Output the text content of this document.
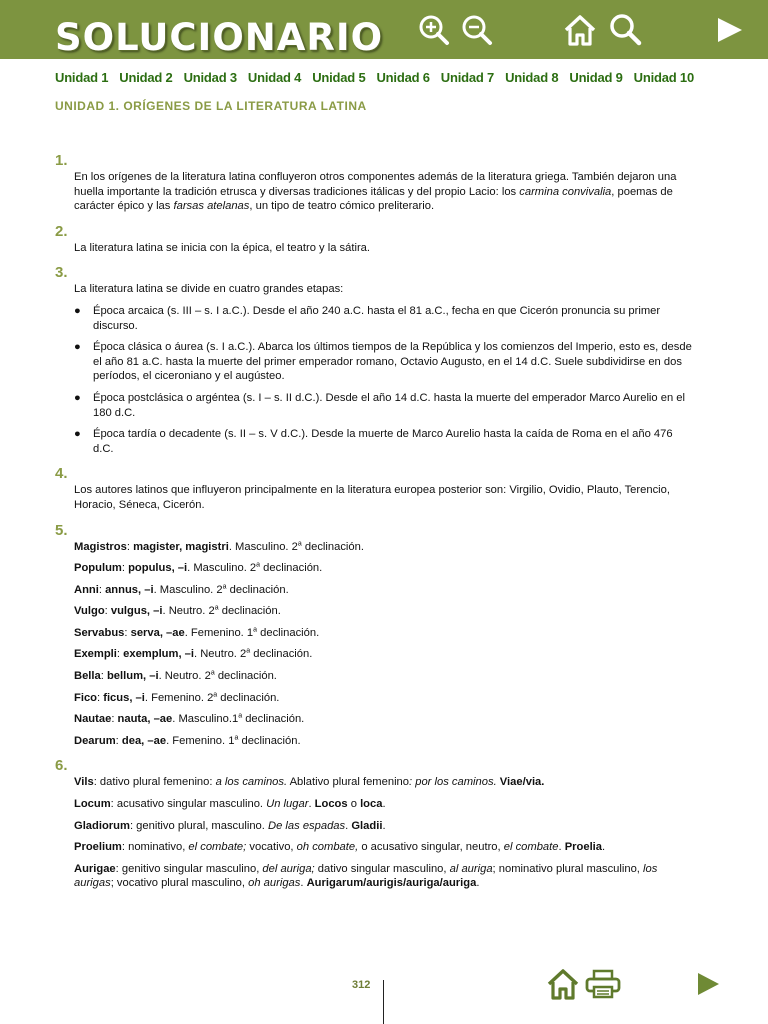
SOLUCIONARIO
Unidad 1 Unidad 2 Unidad 3 Unidad 4 Unidad 5 Unidad 6 Unidad 7 Unidad 8 Unidad 9 Unidad 10
UNIDAD 1. ORÍGENES DE LA LITERATURA LATINA
1.

En los orígenes de la literatura latina confluyeron otros componentes además de la literatura griega. También dejaron una huella importante la tradición etrusca y diversas tradiciones itálicas y del propio Lacio: los carmina convivalia, poemas de carácter épico y las farsas atelanas, un tipo de teatro cómico preliterario.

2.

La literatura latina se inicia con la épica, el teatro y la sátira.

3.

La literatura latina se divide en cuatro grandes etapas:

● Época arcaica (s. III – s. I a.C.). Desde el año 240 a.C. hasta el 81 a.C., fecha en que Cicerón pronuncia su primer discurso.
● Época clásica o áurea (s. I a.C.). Abarca los últimos tiempos de la República y los comienzos del Imperio, esto es, desde el año 81 a.C. hasta la muerte del primer emperador romano, Octavio Augusto, en el 14 d.C. Suele subdividirse en dos períodos, el ciceroniano y el augústeo.
● Época postclásica o argéntea (s. I – s. II d.C.). Desde el año 14 d.C. hasta la muerte del emperador Marco Aurelio en el 180 d.C.
● Época tardía o decadente (s. II – s. V d.C.). Desde la muerte de Marco Aurelio hasta la caída de Roma en el año 476 d.C.
4.

Los autores latinos que influyeron principalmente en la literatura europea posterior son: Virgilio, Ovidio, Plauto, Terencio, Horacio, Séneca, Cicerón.

5.

Magistros: magister, magistri. Masculino. 2$^a$ declinación.

Populum: populus, –i. Masculino. 2$^a$ declinación.

Anni: annus, –i. Masculino. 2$^a$ declinación.

Vulgo: vulgus, –i. Neutro. 2$^a$ declinación.

Servabus: serva, –ae. Femenino. 1$^a$ declinación.

Exempli: exemplum, –i. Neutro. 2$^a$ declinación.

Bella: bellum, –i. Neutro. 2$^a$ declinación.

Fico: ficus, –i. Femenino. 2$^a$ declinación.

Nautae: nauta, –ae. Masculino.1$^a$ declinación.

Dearum: dea, –ae. Femenino. 1$^a$ declinación.

6.

Vils: dativo plural femenino: a los caminos. Ablativo plural femenino: por los caminos. Viae/via.

Locum: acusativo singular masculino. Un lugar. Locos o loca.

Gladiorum: genitivo plural, masculino. De las espadas. Gladii.

Proelium: nominativo, el combate; vocativo, oh combate, o acusativo singular, neutro, el combate. Proelia.

Aurigae: genitivo singular masculino, del auriga; dativo singular masculino, al auriga; nominativo plural masculino, los aurigas; vocativo plural masculino, oh aurigas. Aurigarum/aurigis/auriga/auriga.

312
